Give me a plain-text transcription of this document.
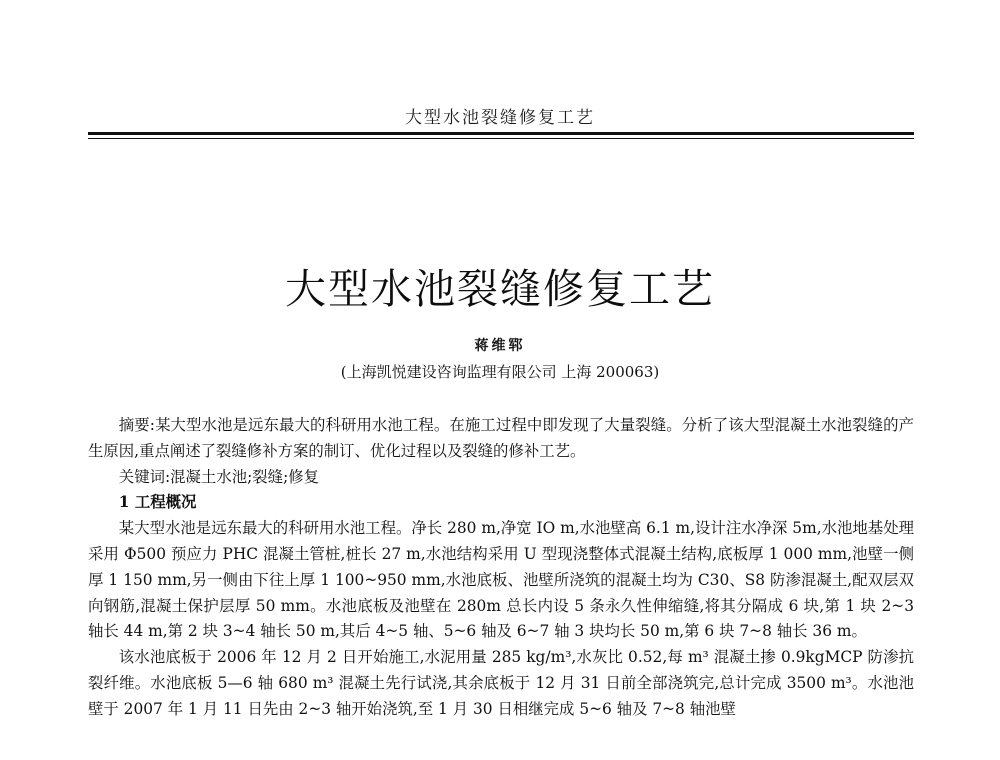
大型水池裂缝修复工艺
大型水池裂缝修复工艺
蒋维郓
(上海凯悦建设咨询监理有限公司 上海 200063)

摘要:某大型水池是远东最大的科研用水池工程。在施工过程中即发现了大量裂缝。分析了该大型混凝土水池裂缝的产生原因,重点阐述了裂缝修补方案的制订、优化过程以及裂缝的修补工艺。

关键词:混凝土水池;裂缝;修复

1 工程概况

某大型水池是远东最大的科研用水池工程。净长 280 m,净宽 IO m,水池壁高 6.1 m,设计注水净深 5m,水池地基处理采用 Φ500 预应力 PHC 混凝土管桩,桩长 27 m,水池结构采用 U 型现浇整体式混凝土结构,底板厚 1 000 mm,池壁一侧厚 1 150 mm,另一侧由下往上厚 1 100~950 mm,水池底板、池壁所浇筑的混凝土均为 C30、S8 防渗混凝土,配双层双向钢筋,混凝土保护层厚 50 mm。水池底板及池壁在 280m 总长内设 5 条永久性伸缩缝,将其分隔成 6 块,第 1 块 2~3 轴长 44 m,第 2 块 3~4 轴长 50 m,其后 4~5 轴、5~6 轴及 6~7 轴 3 块均长 50 m,第 6 块 7~8 轴长 36 m。

该水池底板于 2006 年 12 月 2 日开始施工,水泥用量 285 kg/m³,水灰比 0.52,每 m³ 混凝土掺 0.9kgMCP 防渗抗裂纤维。水池底板 5—6 轴 680 m³ 混凝土先行试浇,其余底板于 12 月 31 日前全部浇筑完,总计完成 3500 m³。水池池壁于 2007 年 1 月 11 日先由 2~3 轴开始浇筑,至 1 月 30 日相继完成 5~6 轴及 7~8 轴池壁
